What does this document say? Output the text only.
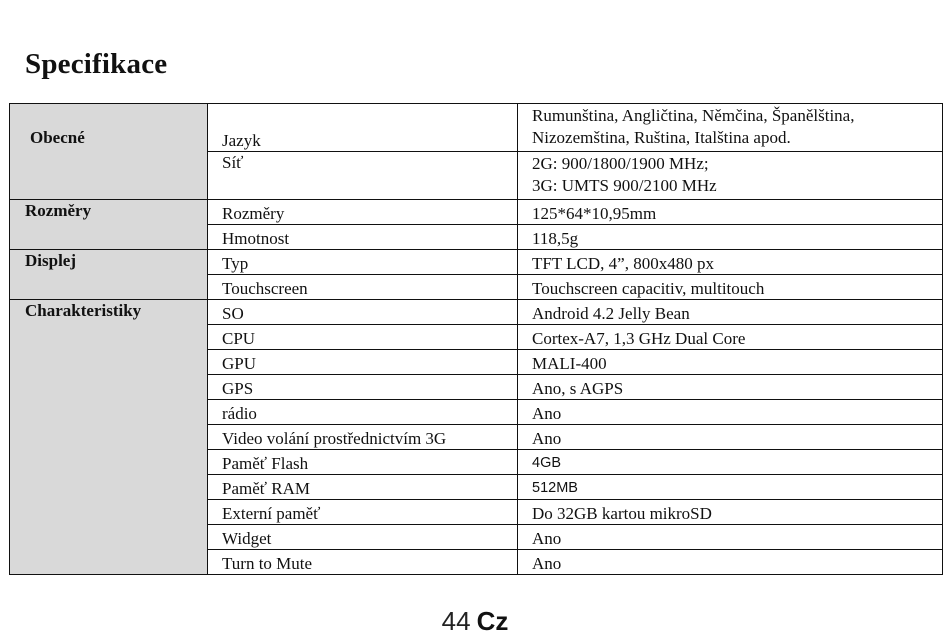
Specifikace
Obecné	Jazyk	Rumunština, Angličtina, Němčina, Španělština, Nizozemština, Ruština, Italština apod.
	Síť	2G: 900/1800/1900 MHz;
3G: UMTS 900/2100 MHz

Rozměry	Rozměry	125*64*10,95mm
	Hmotnost	118,5g
Displej	Typ	TFT LCD, 4”, 800x480 px
	Touchscreen	Touchscreen capacitiv, multitouch
Charakteristiky	SO	Android 4.2 Jelly Bean
	CPU	Cortex-A7, 1,3 GHz Dual Core
	GPU	MALI-400
	GPS	Ano, s AGPS
	rádio	Ano
	Video volání prostřednictvím 3G	Ano
	Paměť Flash	4GB
	Paměť RAM	512MB
	Externí paměť	Do 32GB kartou mikroSD
	Widget	Ano
	Turn to Mute	Ano
44 Cz
